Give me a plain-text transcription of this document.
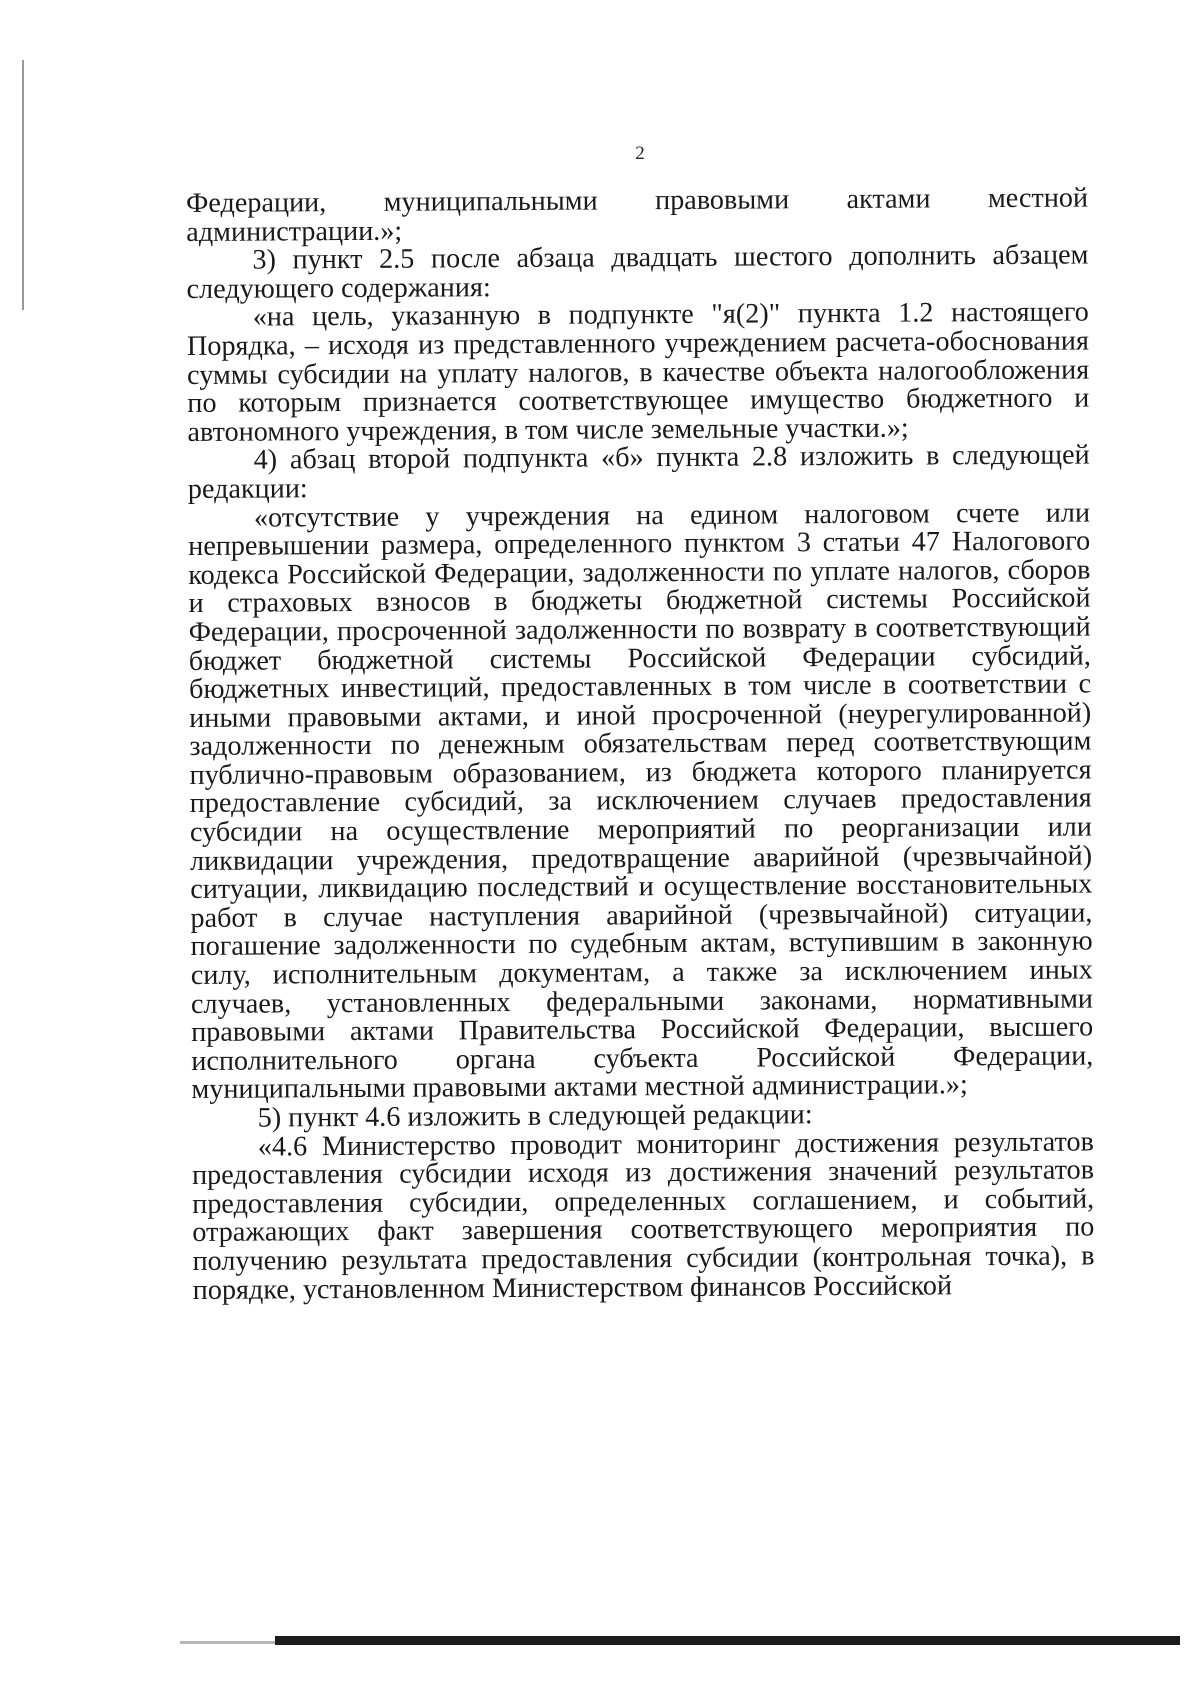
2

Федерации, муниципальными правовыми актами местной администрации.»;

3) пункт 2.5 после абзаца двадцать шестого дополнить абзацем следующего содержания:

«на цель, указанную в подпункте "я(2)" пункта 1.2 настоящего Порядка, – исходя из представленного учреждением расчета-обоснования суммы субсидии на уплату налогов, в качестве объекта налогообложения по которым признается соответствующее имущество бюджетного и автономного учреждения, в том числе земельные участки.»;

4) абзац второй подпункта «б» пункта 2.8 изложить в следующей редакции:

«отсутствие у учреждения на едином налоговом счете или непревышении размера, определенного пунктом 3 статьи 47 Налогового кодекса Российской Федерации, задолженности по уплате налогов, сборов и страховых взносов в бюджеты бюджетной системы Российской Федерации, просроченной задолженности по возврату в соответствующий бюджет бюджетной системы Российской Федерации субсидий, бюджетных инвестиций, предоставленных в том числе в соответствии с иными правовыми актами, и иной просроченной (неурегулированной) задолженности по денежным обязательствам перед соответствующим публично-правовым образованием, из бюджета которого планируется предоставление субсидий, за исключением случаев предоставления субсидии на осуществление мероприятий по реорганизации или ликвидации учреждения, предотвращение аварийной (чрезвычайной) ситуации, ликвидацию последствий и осуществление восстановительных работ в случае наступления аварийной (чрезвычайной) ситуации, погашение задолженности по судебным актам, вступившим в законную силу, исполнительным документам, а также за исключением иных случаев, установленных федеральными законами, нормативными правовыми актами Правительства Российской Федерации, высшего исполнительного органа субъекта Российской Федерации, муниципальными правовыми актами местной администрации.»;

5) пункт 4.6 изложить в следующей редакции:

«4.6 Министерство проводит мониторинг достижения результатов предоставления субсидии исходя из достижения значений результатов предоставления субсидии, определенных соглашением, и событий, отражающих факт завершения соответствующего мероприятия по получению результата предоставления субсидии (контрольная точка), в порядке, установленном Министерством финансов Российской
